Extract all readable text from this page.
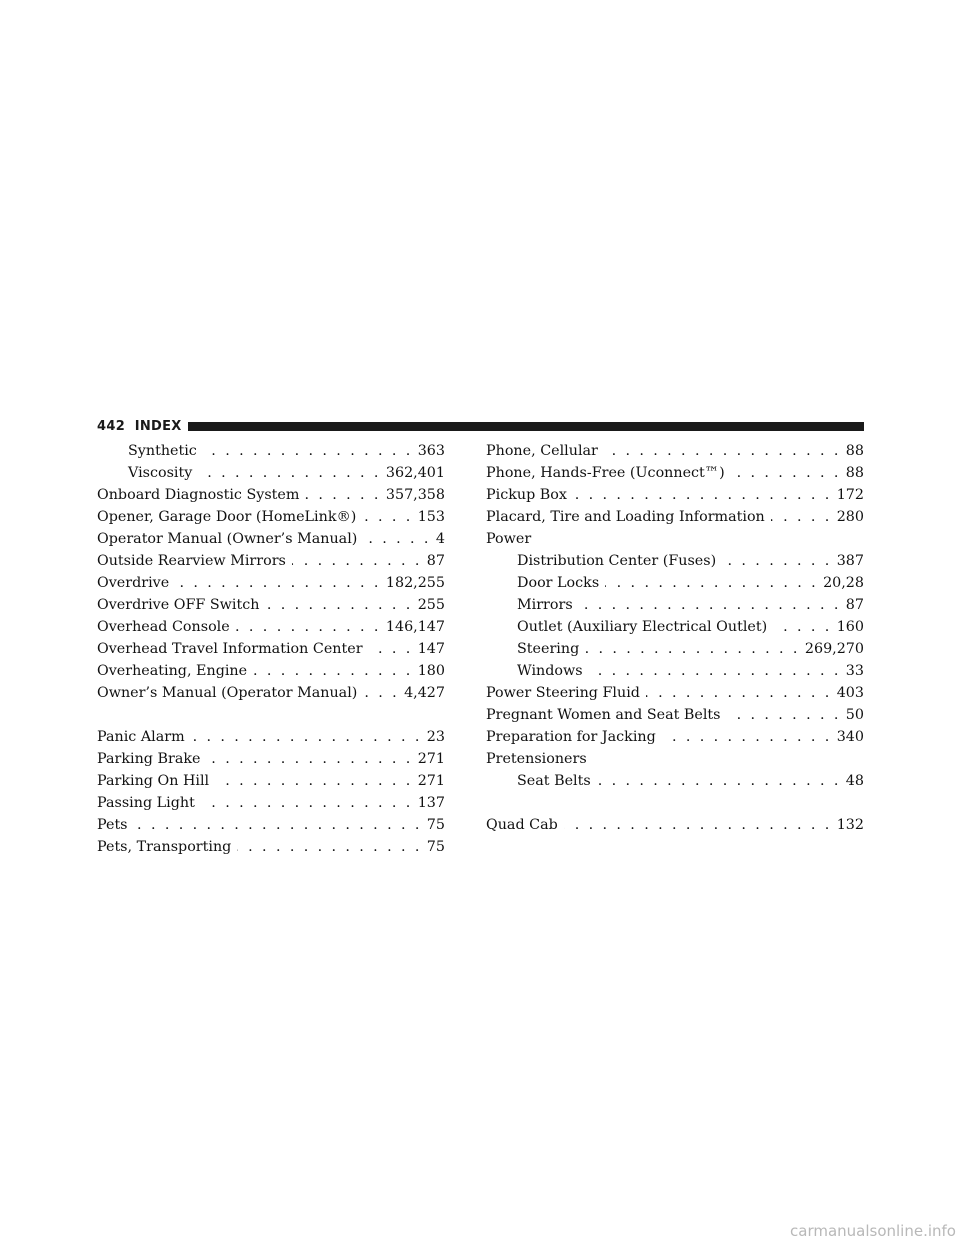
442 INDEX
Synthetic . . .	363
Viscosity . . .	362,401
Onboard Diagnostic System . . .	357,358
Opener, Garage Door (HomeLink®) . . .	153
Operator Manual (Owner’s Manual) . . .	4
Outside Rearview Mirrors . . .	87
Overdrive . . .	182,255
Overdrive OFF Switch . . .	255
Overhead Console . . .	146,147
Overhead Travel Information Center . . .	147
Overheating, Engine . . .	180
Owner’s Manual (Operator Manual) . . .	4,427
Panic Alarm . . .	23
Parking Brake . . .	271
Parking On Hill . . .	271
Passing Light . . .	137
Pets . . .	75
Pets, Transporting . . .	75
Phone, Cellular . . .	88
Phone, Hands-Free (Uconnect™) . . .	88
Pickup Box . . .	172
Placard, Tire and Loading Information . . .	280
Power
Distribution Center (Fuses) . . .	387
Door Locks . . .	20,28
Mirrors . . .	87
Outlet (Auxiliary Electrical Outlet) . . .	160
Steering . . .	269,270
Windows . . .	33
Power Steering Fluid . . .	403
Pregnant Women and Seat Belts . . .	50
Preparation for Jacking . . .	340
Pretensioners
Seat Belts . . .	48
Quad Cab . . .	132
carmanualsonline.info
